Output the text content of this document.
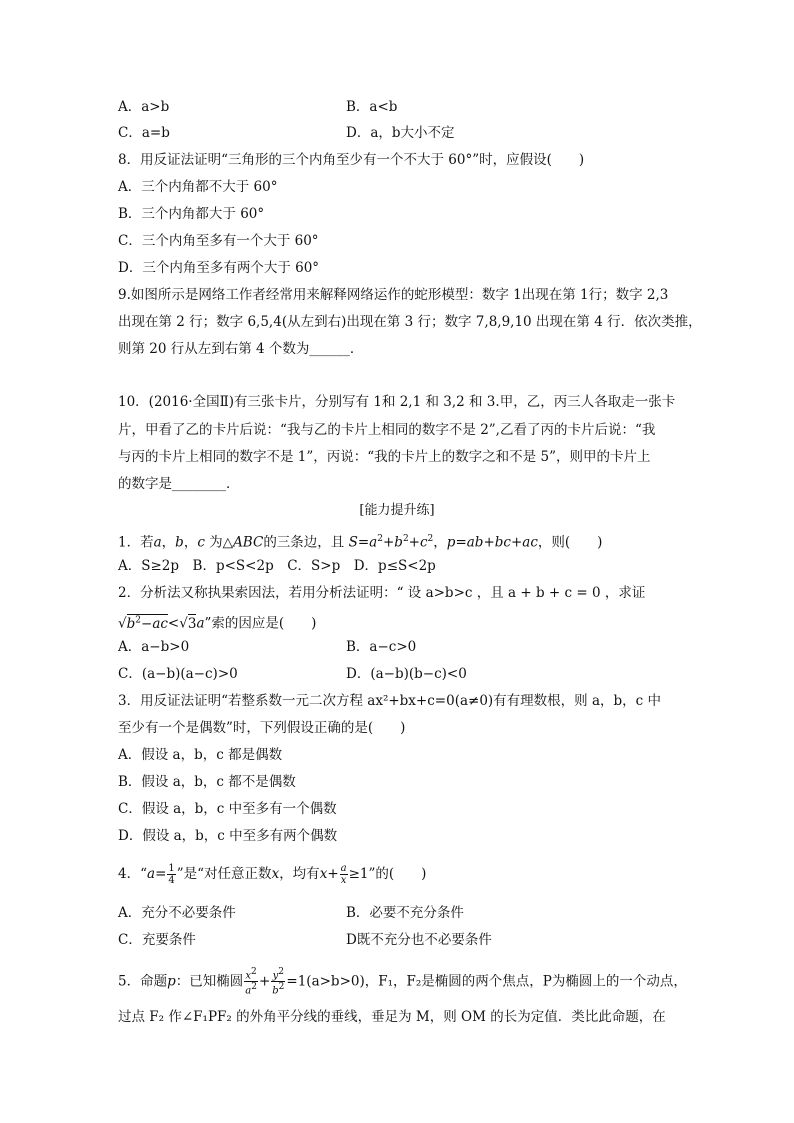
A．a>b	B．a<b
C．a=b	D．a，b大小不定
8．用反证法证明“三角形的三个内角至少有一个不大于 60°”时，应假设(　　)
A．三个内角都不大于 60°
B．三个内角都大于 60°
C．三个内角至多有一个大于 60°
D．三个内角至多有两个大于 60°
9.如图所示是网络工作者经常用来解释网络运作的蛇形模型：数字 1出现在第 1行；数字 2,3
出现在第 2 行；数字 6,5,4(从左到右)出现在第 3 行；数字 7,8,9,10 出现在第 4 行．依次类推，
则第 20 行从左到右第 4 个数为______．
10．(2016·全国Ⅱ)有三张卡片，分别写有 1和 2,1 和 3,2 和 3.甲，乙，丙三人各取走一张卡
片，甲看了乙的卡片后说：“我与乙的卡片上相同的数字不是 2”,乙看了丙的卡片后说：“我
与丙的卡片上相同的数字不是 1”，丙说：“我的卡片上的数字之和不是 5”，则甲的卡片上
的数字是________．
[能力提升练]
1．若a，b，c 为△ABC的三条边，且 $S=a^2+b^2+c^2$，p=ab+bc+ac，则(　　)
A．S≥2p　B．p<S<2p　C．S>p　D．p≤S<2p
2．分析法又称执果索因法，若用分析法证明：“ 设 a>b>c ，且 a + b + c = 0 ，求证
$√b^2-ac<√3a$”索的因应是(　　)
A．a−b>0	B．a−c>0
C．(a−b)(a−c)>0	D．(a−b)(b−c)<0
3．用反证法证明“若整系数一元二次方程 ax²+bx+c=0(a≠0)有有理数根，则 a，b，c 中
至少有一个是偶数”时，下列假设正确的是(　　)
A．假设 a，b，c 都是偶数
B．假设 a，b，c 都不是偶数
C．假设 a，b，c 中至多有一个偶数
D．假设 a，b，c 中至多有两个偶数
4．“$a= \frac{1}{4}$ ”是“对任意正数x，均有$x+ \frac{a}{x} \ge 1$”的(　　)
A．充分不必要条件	B．必要不充分条件
C．充要条件	D既不充分也不必要条件
5．命题p：已知椭圆 $\frac{x^2}{a^2} + \frac{y^2}{b^2} =1(a>b>0)$，F₁，F₂是椭圆的两个焦点，P为椭圆上的一个动点，
过点 F₂ 作∠F₁PF₂ 的外角平分线的垂线，垂足为 M，则 OM 的长为定值．类比此命题，在
